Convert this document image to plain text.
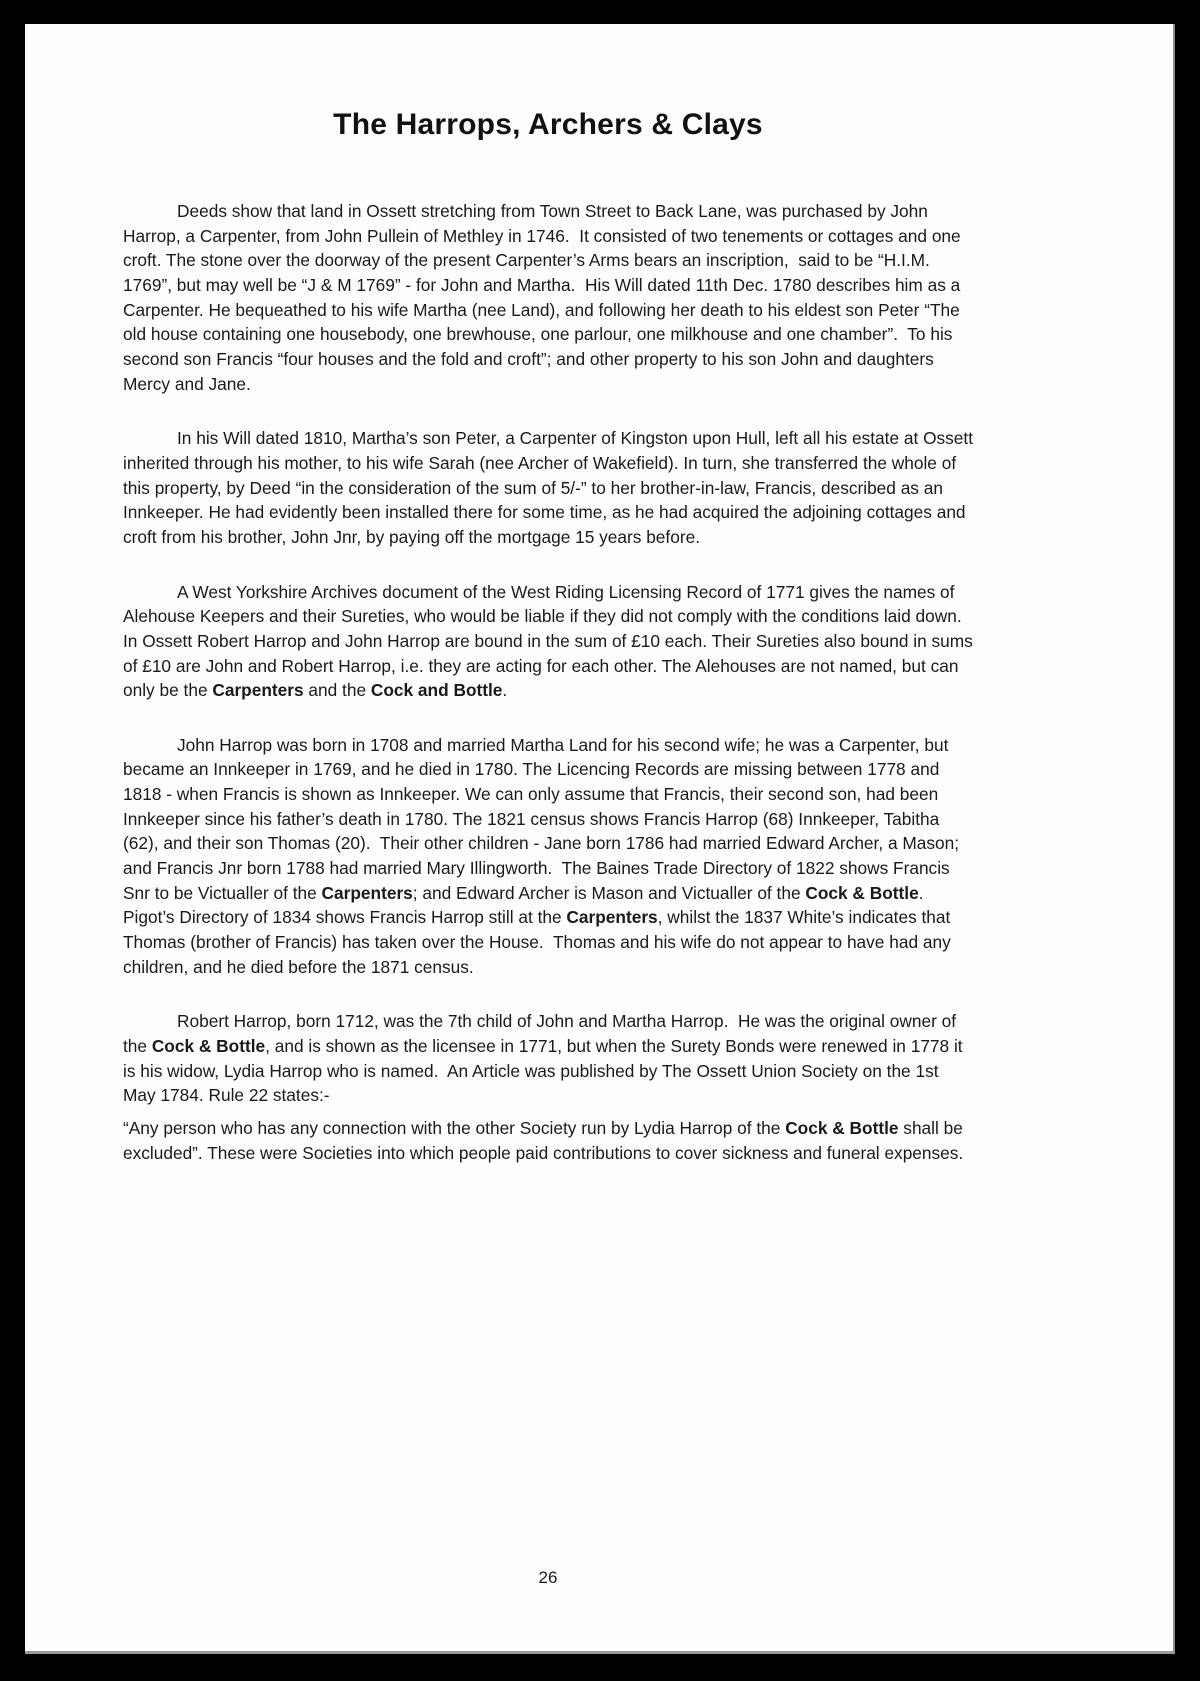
The Harrops, Archers & Clays

Deeds show that land in Ossett stretching from Town Street to Back Lane, was purchased by John Harrop, a Carpenter, from John Pullein of Methley in 1746.  It consisted of two tenements or cottages and one croft. The stone over the doorway of the present Carpenter’s Arms bears an inscription,  said to be “H.I.M. 1769”, but may well be “J & M 1769” - for John and Martha.  His Will dated 11th Dec. 1780 describes him as a Carpenter. He bequeathed to his wife Martha (nee Land), and following her death to his eldest son Peter “The old house containing one housebody, one brewhouse, one parlour, one milkhouse and one chamber”.  To his second son Francis “four houses and the fold and croft”; and other property to his son John and daughters Mercy and Jane.

In his Will dated 1810, Martha’s son Peter, a Carpenter of Kingston upon Hull, left all his estate at Ossett inherited through his mother, to his wife Sarah (nee Archer of Wakefield). In turn, she transferred the whole of this property, by Deed “in the consideration of the sum of 5/-” to her brother-in-law, Francis, described as an Innkeeper. He had evidently been installed there for some time, as he had acquired the adjoining cottages and croft from his brother, John Jnr, by paying off the mortgage 15 years before.

A West Yorkshire Archives document of the West Riding Licensing Record of 1771 gives the names of Alehouse Keepers and their Sureties, who would be liable if they did not comply with the conditions laid down. In Ossett Robert Harrop and John Harrop are bound in the sum of £10 each. Their Sureties also bound in sums of £10 are John and Robert Harrop, i.e. they are acting for each other. The Alehouses are not named, but can only be the Carpenters and the Cock and Bottle.

John Harrop was born in 1708 and married Martha Land for his second wife; he was a Carpenter, but became an Innkeeper in 1769, and he died in 1780. The Licencing Records are missing between 1778 and 1818 - when Francis is shown as Innkeeper. We can only assume that Francis, their second son, had been Innkeeper since his father’s death in 1780. The 1821 census shows Francis Harrop (68) Innkeeper, Tabitha (62), and their son Thomas (20).  Their other children - Jane born 1786 had married Edward Archer, a Mason; and Francis Jnr born 1788 had married Mary Illingworth.  The Baines Trade Directory of 1822 shows Francis Snr to be Victualler of the Carpenters; and Edward Archer is Mason and Victualler of the Cock & Bottle.  Pigot’s Directory of 1834 shows Francis Harrop still at the Carpenters, whilst the 1837 White’s indicates that Thomas (brother of Francis) has taken over the House.  Thomas and his wife do not appear to have had any children, and he died before the 1871 census.

Robert Harrop, born 1712, was the 7th child of John and Martha Harrop.  He was the original owner of the Cock & Bottle, and is shown as the licensee in 1771, but when the Surety Bonds were renewed in 1778 it is his widow, Lydia Harrop who is named.  An Article was published by The Ossett Union Society on the 1st May 1784. Rule 22 states:-

“Any person who has any connection with the other Society run by Lydia Harrop of the Cock & Bottle shall be excluded”. These were Societies into which people paid contributions to cover sickness and funeral expenses.

26
